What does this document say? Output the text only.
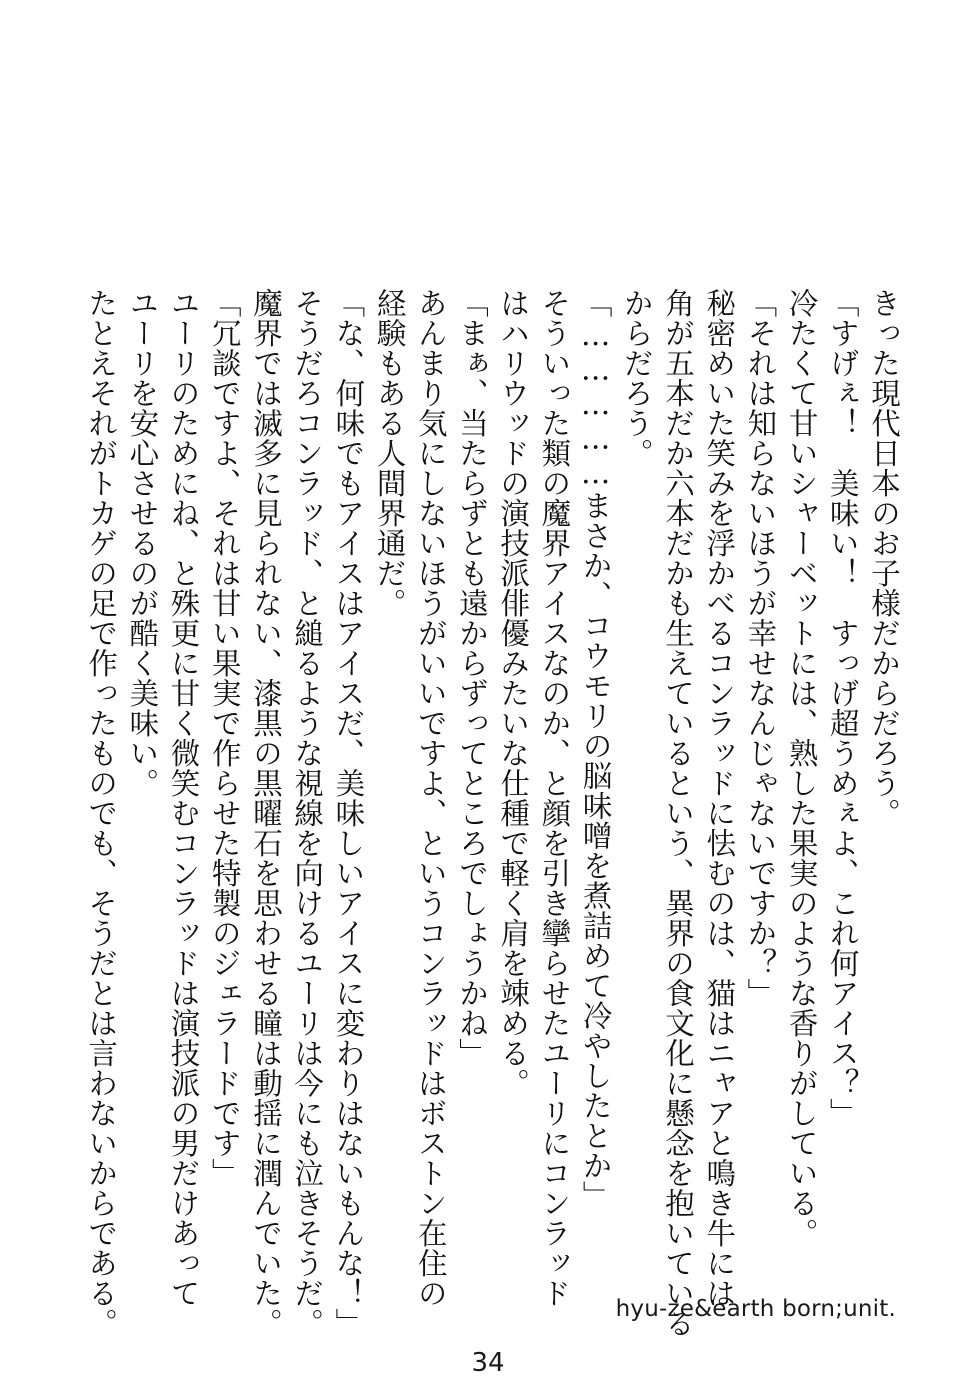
きった現代日本のお子様だからだろう。
「すげぇ！　美味い！　すっげ超うめぇよ、これ何アイス？」
冷たくて甘いシャーベットには、熟した果実のような香りがしている。
「それは知らないほうが幸せなんじゃないですか？」
秘密めいた笑みを浮かべるコンラッドに怯むのは、猫はニャアと鳴き牛には
角が五本だか六本だかも生えているという、異界の食文化に懸念を抱いている
からだろう。
「……………まさか、コウモリの脳味噌を煮詰めて冷やしたとか」
そういった類の魔界アイスなのか、と顔を引き攣らせたユーリにコンラッド
はハリウッドの演技派俳優みたいな仕種で軽く肩を竦める。
「まぁ、当たらずとも遠からずってところでしょうかね」
あんまり気にしないほうがいいですよ、というコンラッドはボストン在住の
経験もある人間界通だ。
「な、何味でもアイスはアイスだ、美味しいアイスに変わりはないもんな！」
そうだろコンラッド、と縋るような視線を向けるユーリは今にも泣きそうだ。
魔界では滅多に見られない、漆黒の黒曜石を思わせる瞳は動揺に潤んでいた。
「冗談ですよ、それは甘い果実で作らせた特製のジェラードです」
ユーリのためにね、と殊更に甘く微笑むコンラッドは演技派の男だけあって
ユーリを安心させるのが酷く美味い。
たとえそれがトカゲの足で作ったものでも、そうだとは言わないからである。	hyu-ze&earth born;unit.
34
